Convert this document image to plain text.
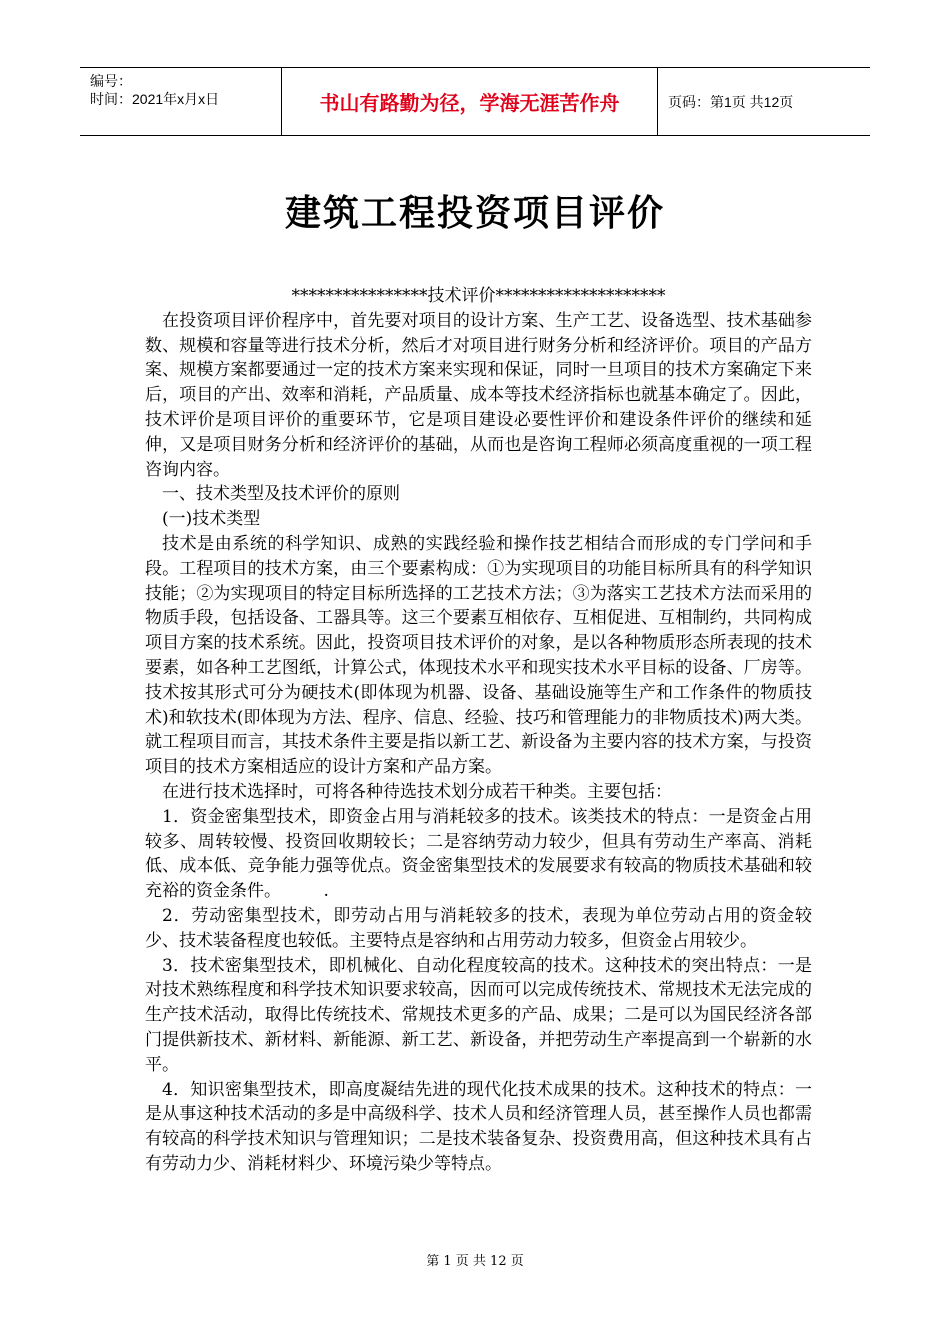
编号：
时间：2021年x月x日	书山有路勤为径，学海无涯苦作舟	页码：第1页 共12页
建筑工程投资项目评价

****************技术评价********************

在投资项目评价程序中，首先要对项目的设计方案、生产工艺、设备选型、技术基础参数、规模和容量等进行技术分析，然后才对项目进行财务分析和经济评价。项目的产品方案、规模方案都要通过一定的技术方案来实现和保证，同时一旦项目的技术方案确定下来后，项目的产出、效率和消耗，产品质量、成本等技术经济指标也就基本确定了。因此，技术评价是项目评价的重要环节，它是项目建设必要性评价和建设条件评价的继续和延伸，又是项目财务分析和经济评价的基础，从而也是咨询工程师必须高度重视的一项工程咨询内容。

一、技术类型及技术评价的原则

(一)技术类型

技术是由系统的科学知识、成熟的实践经验和操作技艺相结合而形成的专门学问和手段。工程项目的技术方案，由三个要素构成：①为实现项目的功能目标所具有的科学知识技能；②为实现项目的特定目标所选择的工艺技术方法；③为落实工艺技术方法而采用的物质手段，包括设备、工器具等。这三个要素互相依存、互相促进、互相制约，共同构成项目方案的技术系统。因此，投资项目技术评价的对象，是以各种物质形态所表现的技术要素，如各种工艺图纸，计算公式，体现技术水平和现实技术水平目标的设备、厂房等。技术按其形式可分为硬技术(即体现为机器、设备、基础设施等生产和工作条件的物质技术)和软技术(即体现为方法、程序、信息、经验、技巧和管理能力的非物质技术)两大类。就工程项目而言，其技术条件主要是指以新工艺、新设备为主要内容的技术方案，与投资项目的技术方案相适应的设计方案和产品方案。

在进行技术选择时，可将各种待选技术划分成若干种类。主要包括：

1．资金密集型技术，即资金占用与消耗较多的技术。该类技术的特点：一是资金占用较多、周转较慢、投资回收期较长；二是容纳劳动力较少，但具有劳动生产率高、消耗低、成本低、竞争能力强等优点。资金密集型技术的发展要求有较高的物质技术基础和较充裕的资金条件。　　　.

2．劳动密集型技术，即劳动占用与消耗较多的技术，表现为单位劳动占用的资金较少、技术装备程度也较低。主要特点是容纳和占用劳动力较多，但资金占用较少。

3．技术密集型技术，即机械化、自动化程度较高的技术。这种技术的突出特点：一是对技术熟练程度和科学技术知识要求较高，因而可以完成传统技术、常规技术无法完成的生产技术活动，取得比传统技术、常规技术更多的产品、成果；二是可以为国民经济各部门提供新技术、新材料、新能源、新工艺、新设备，并把劳动生产率提高到一个崭新的水平。

4．知识密集型技术，即高度凝结先进的现代化技术成果的技术。这种技术的特点：一是从事这种技术活动的多是中高级科学、技术人员和经济管理人员，甚至操作人员也都需有较高的科学技术知识与管理知识；二是技术装备复杂、投资费用高，但这种技术具有占有劳动力少、消耗材料少、环境污染少等特点。

第 1 页 共 12 页
